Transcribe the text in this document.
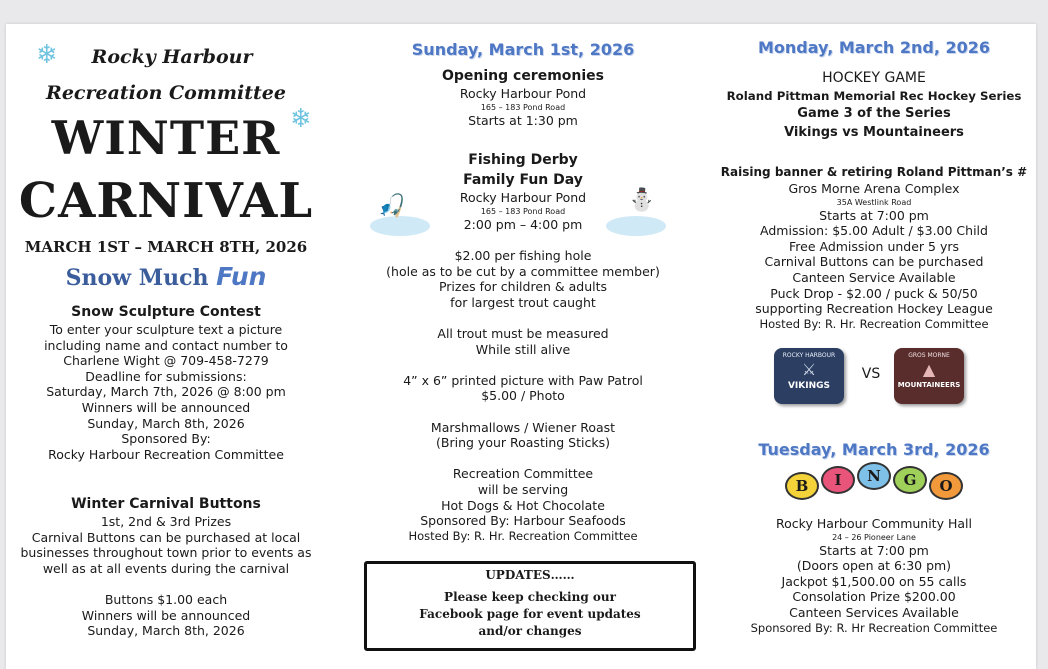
❄
❄
Rocky Harbour
Recreation Committee
WINTER
CARNIVAL
MARCH 1ST – MARCH 8TH, 2026
Snow Much Fun
Snow Sculpture Contest
To enter your sculpture text a picture
including name and contact number to
Charlene Wight @ 709-458-7279
Deadline for submissions:
Saturday, March 7th, 2026 @ 8:00 pm
Winners will be announced
Sunday, March 8th, 2026
Sponsored By:
Rocky Harbour Recreation Committee
Winter Carnival Buttons
1st, 2nd & 3rd Prizes
Carnival Buttons can be purchased at local
businesses throughout town prior to events as
well as at all events during the carnival
Buttons $1.00 each
Winners will be announced
Sunday, March 8th, 2026
Sunday, March 1st, 2026
Opening ceremonies
Rocky Harbour Pond
165 – 183 Pond Road
Starts at 1:30 pm
🎣	⛄
Fishing Derby
Family Fun Day
Rocky Harbour Pond
165 – 183 Pond Road
2:00 pm – 4:00 pm
$2.00 per fishing hole
(hole as to be cut by a committee member)
Prizes for children & adults
for largest trout caught
All trout must be measured
While still alive
4” x 6” printed picture with Paw Patrol
$5.00 / Photo
Marshmallows / Wiener Roast
(Bring your Roasting Sticks)
Recreation Committee
will be serving
Hot Dogs & Hot Chocolate
Sponsored By: Harbour Seafoods
Hosted By: R. Hr. Recreation Committee
UPDATES……
Please keep checking our
Facebook page for event updates
and/or changes
Monday, March 2nd, 2026
HOCKEY GAME
Roland Pittman Memorial Rec Hockey Series
Game 3 of the Series
Vikings vs Mountaineers
Raising banner & retiring Roland Pittman’s #
Gros Morne Arena Complex
35A Westlink Road
Starts at 7:00 pm
Admission: $5.00 Adult / $3.00 Child
Free Admission under 5 yrs
Carnival Buttons can be purchased
Canteen Service Available
Puck Drop - $2.00 / puck & 50/50
supporting Recreation Hockey League
Hosted By: R. Hr. Recreation Committee
ROCKY HARBOUR
⚔
VIKINGS
VS
GROS MORNE
▲
MOUNTAINEERS
Tuesday, March 3rd, 2026
B I N G O
Rocky Harbour Community Hall
24 – 26 Pioneer Lane
Starts at 7:00 pm
(Doors open at 6:30 pm)
Jackpot $1,500.00 on 55 calls
Consolation Prize $200.00
Canteen Services Available
Sponsored By: R. Hr Recreation Committee
